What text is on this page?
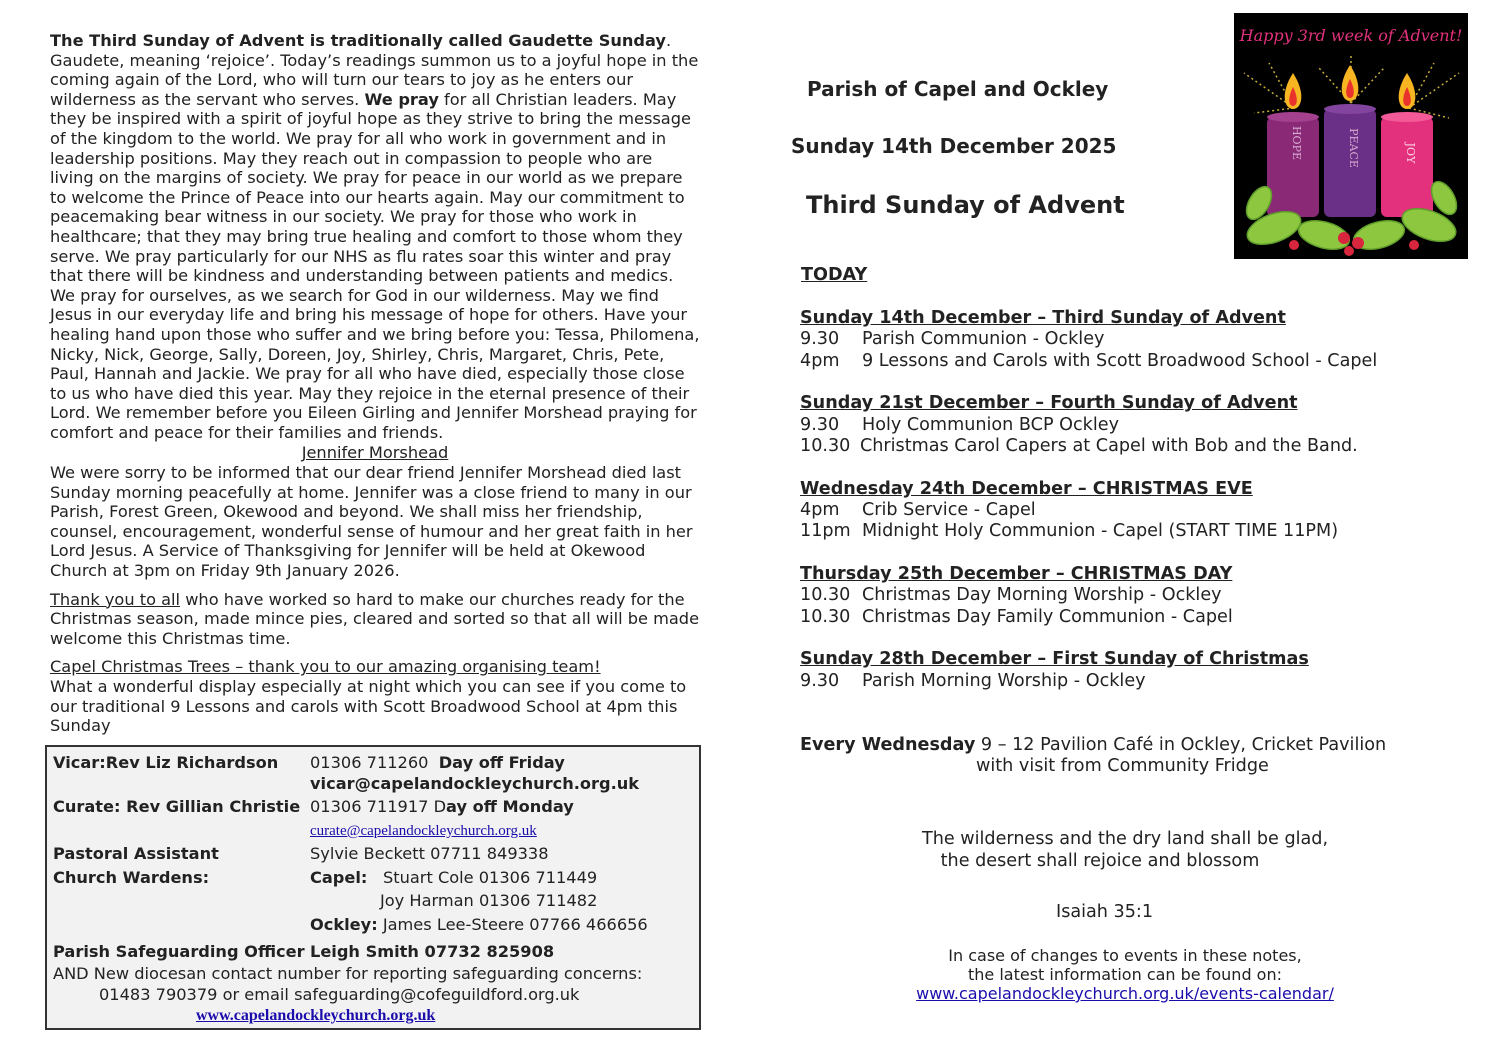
The Third Sunday of Advent is traditionally called Gaudette Sunday. Gaudete, meaning ‘rejoice’. Today’s readings summon us to a joyful hope in the coming again of the Lord, who will turn our tears to joy as he enters our wilderness as the servant who serves. We pray for all Christian leaders. May they be inspired with a spirit of joyful hope as they strive to bring the message of the kingdom to the world. We pray for all who work in government and in leadership positions. May they reach out in compassion to people who are living on the margins of society. We pray for peace in our world as we prepare to welcome the Prince of Peace into our hearts again. May our commitment to peacemaking bear witness in our society. We pray for those who work in healthcare; that they may bring true healing and comfort to those whom they serve. We pray particularly for our NHS as flu rates soar this winter and pray that there will be kindness and understanding between patients and medics. We pray for ourselves, as we search for God in our wilderness. May we find Jesus in our everyday life and bring his message of hope for others. Have your healing hand upon those who suffer and we bring before you: Tessa, Philomena, Nicky, Nick, George, Sally, Doreen, Joy, Shirley, Chris, Margaret, Chris, Pete, Paul, Hannah and Jackie. We pray for all who have died, especially those close to us who have died this year. May they rejoice in the eternal presence of their Lord. We remember before you Eileen Girling and Jennifer Morshead praying for comfort and peace for their families and friends.

Jennifer Morshead

We were sorry to be informed that our dear friend Jennifer Morshead died last Sunday morning peacefully at home. Jennifer was a close friend to many in our Parish, Forest Green, Okewood and beyond. We shall miss her friendship, counsel, encouragement, wonderful sense of humour and her great faith in her Lord Jesus. A Service of Thanksgiving for Jennifer will be held at Okewood Church at 3pm on Friday 9th January 2026.

Thank you to all who have worked so hard to make our churches ready for the Christmas season, made mince pies, cleared and sorted so that all will be made welcome this Christmas time.

Capel Christmas Trees – thank you to our amazing organising team!

What a wonderful display especially at night which you can see if you come to our traditional 9 Lessons and carols with Scott Broadwood School at 4pm this Sunday

Vicar:Rev Liz Richardson 01306 711260 Day off Friday
vicar@capelandockleychurch.org.uk
Curate: Rev Gillian Christie 01306 711917 Day off Monday
curate@capelandockleychurch.org.uk
Pastoral Assistant	Sylvie Beckett 07711 849338
Church Wardens:	Capel: Stuart Cole 01306 711449
Joy Harman 01306 711482
Ockley: James Lee-Steere 07766 466656
Parish Safeguarding Officer Leigh Smith 07732 825908
AND New diocesan contact number for reporting safeguarding concerns:
01483 790379 or email safeguarding@cofeguildford.org.uk
www.capelandockleychurch.org.uk
Parish of Capel and Ockley
Sunday 14th December 2025
Third Sunday of Advent
Happy 3rd week of Advent!
HOPE	PEACE	JOY
TODAY
Sunday 14th December – Third Sunday of Advent
9.30 Parish Communion - Ockley
4pm 9 Lessons and Carols with Scott Broadwood School - Capel
Sunday 21st December – Fourth Sunday of Advent
9.30 Holy Communion BCP Ockley
10.30 Christmas Carol Capers at Capel with Bob and the Band.
Wednesday 24th December – CHRISTMAS EVE
4pm Crib Service - Capel
11pm Midnight Holy Communion - Capel (START TIME 11PM)
Thursday 25th December – CHRISTMAS DAY
10.30 Christmas Day Morning Worship - Ockley
10.30 Christmas Day Family Communion - Capel
Sunday 28th December – First Sunday of Christmas
9.30 Parish Morning Worship - Ockley
Every Wednesday 9 – 12 Pavilion Café in Ockley, Cricket Pavilion
with visit from Community Fridge
The wilderness and the dry land shall be glad,
the desert shall rejoice and blossom
Isaiah 35:1
In case of changes to events in these notes,
the latest information can be found on:
www.capelandockleychurch.org.uk/events-calendar/
